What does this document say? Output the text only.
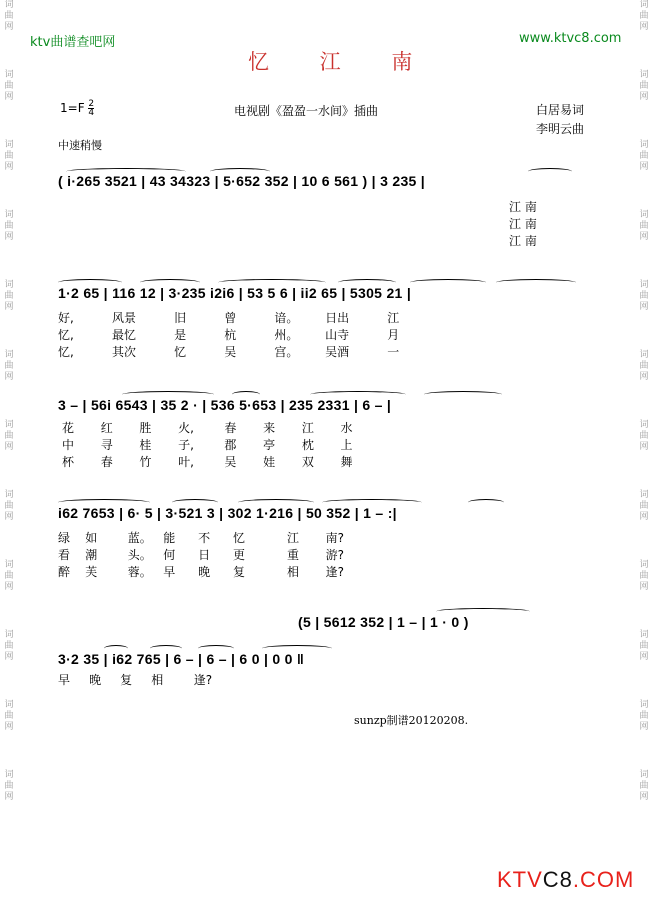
词
曲
网
词
曲
网
词
曲
网
词
曲
网
词
曲
网
词
曲
网
词
曲
网
词
曲
网
词
曲
网
词
曲
网
词
曲
网
词
曲
网
词
曲
网
词
曲
网
词
曲
网
词
曲
网
词
曲
网
词
曲
网
词
曲
网
词
曲
网
词
曲
网
词
曲
网
词
曲
网
词
曲
网
ktv曲谱查吧网	www.ktvc8.com
忆 江 南
$1=F \frac{2}{4}$	电视剧《盈盈一水间》插曲	白居易词
李明云曲
中速稍慢
( i·265 3521 | 43 34323 | 5·652 352 | 10 6 561 ) | 3 235 |
江 南
江 南
江 南
1·2 65 | 116 12 | 3·235 i2i6 | 53 5 6 | ii2 65 | 5305 21 |
好,          风景          旧          曾          谙。       日出          江
忆,          最忆          是          杭          州。       山寺          月
忆,          其次          忆          吴          宫。       吴酒          一
3 – | 56i 6543 | 35 2 · | 536 5·653 | 235 2331 | 6 – |
花       红       胜       火,        春       来       江       水
中       寻       桂       子,        郡       亭       枕       上
杯       春       竹       叶,        吴       娃       双       舞
i62 7653 | 6· 5 | 3·521 3 | 302 1·216 | 50 352 | 1 – :|
绿    如        蓝。   能      不      忆           江       南?
看    潮        头。   何      日      更           重       游?
醉    芙        蓉。   早      晚      复           相       逢?
(5 | 5612 352 | 1 – | 1 · 0 )
3·2 35 | i62 765 | 6 – | 6 – | 6 0 | 0 0 ‖
早     晚     复     相        逢?
sunzp制谱20120208.
KTVC8.COM
